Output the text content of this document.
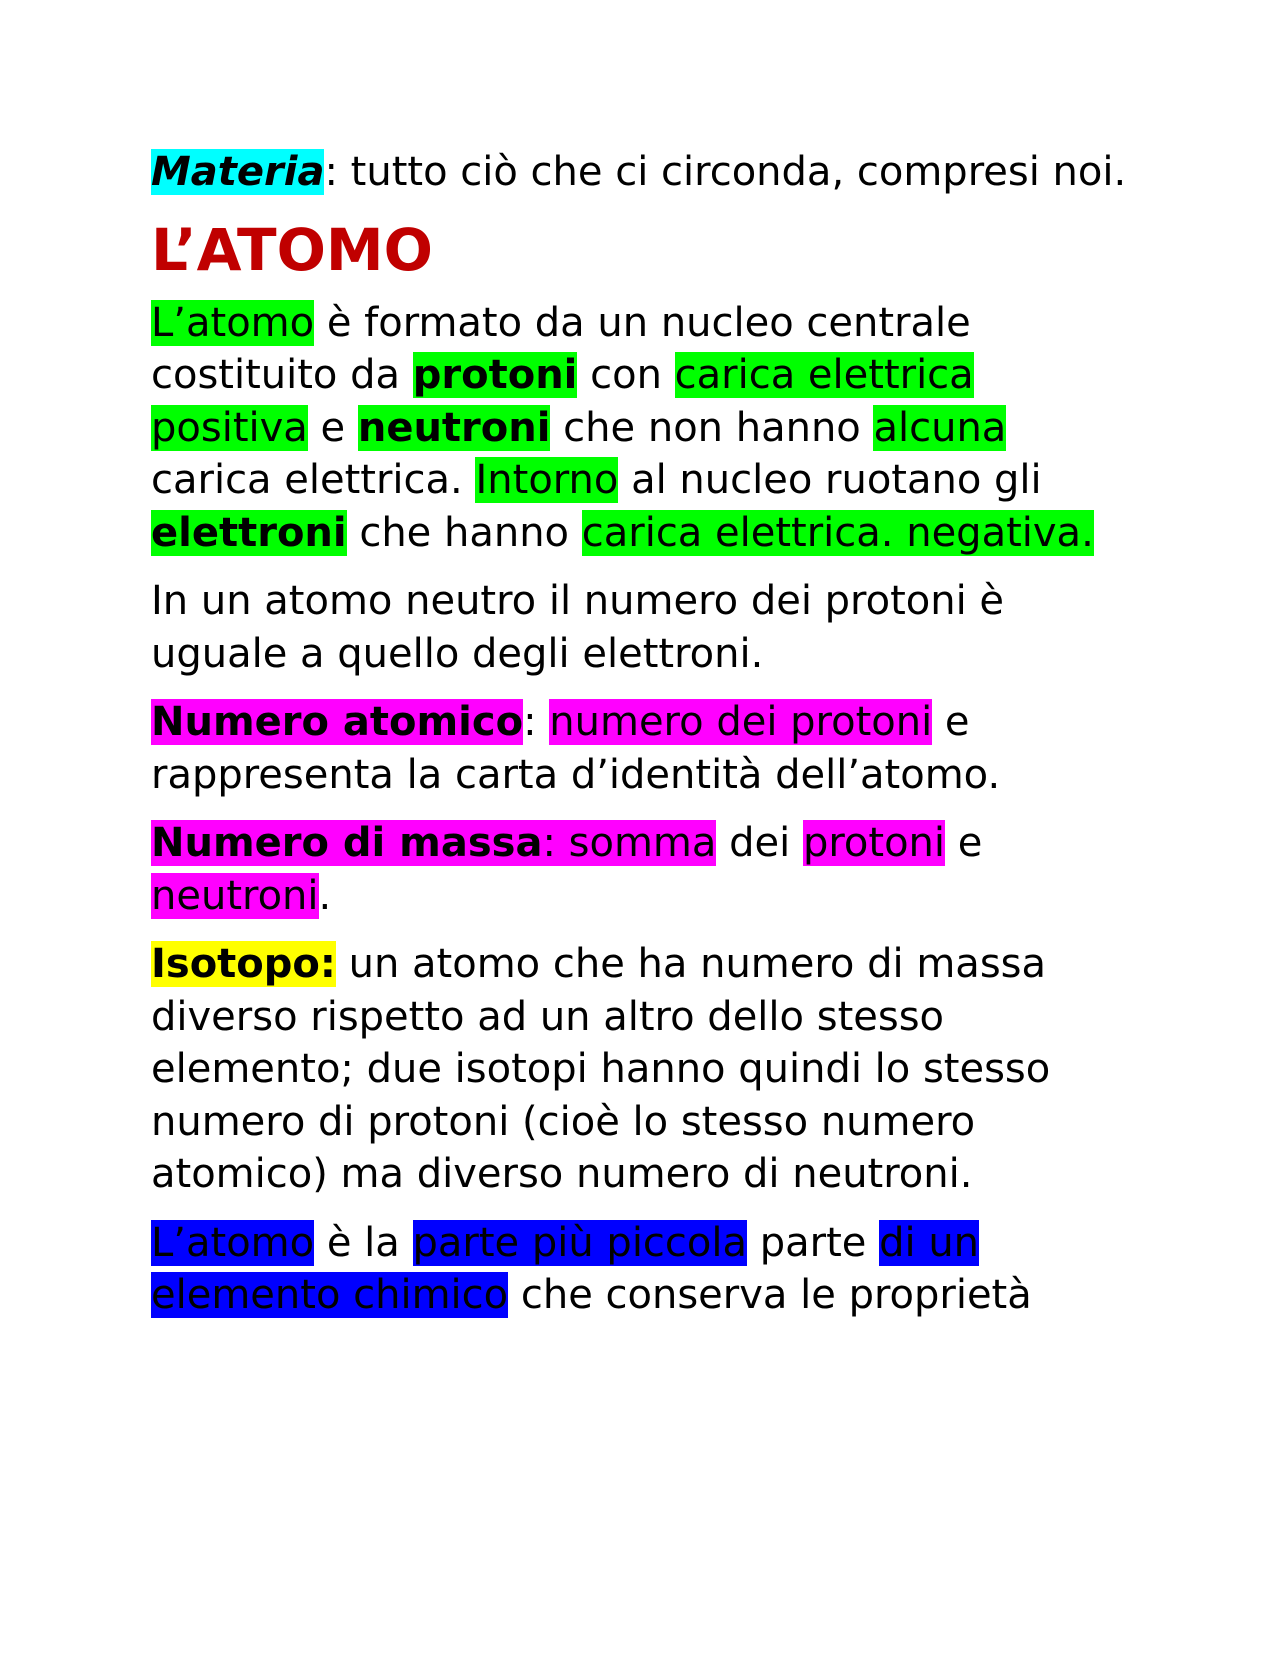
Materia: tutto ciò che ci circonda, compresi noi.

L’ATOMO

L’atomo è formato da un nucleo centrale costituito da protoni con carica elettrica positiva e neutroni che non hanno alcuna carica elettrica. Intorno al nucleo ruotano gli elettroni che hanno carica elettrica. negativa.

In un atomo neutro il numero dei protoni è uguale a quello degli elettroni.

Numero atomico: numero dei protoni e rappresenta la carta d’identità dell’atomo.

Numero di massa: somma dei protoni e neutroni.

Isotopo: un atomo che ha numero di massa diverso rispetto ad un altro dello stesso elemento; due isotopi hanno quindi lo stesso numero di protoni (cioè lo stesso numero atomico) ma diverso numero di neutroni.

L’atomo è la parte più piccola parte di un elemento chimico che conserva le proprietà
